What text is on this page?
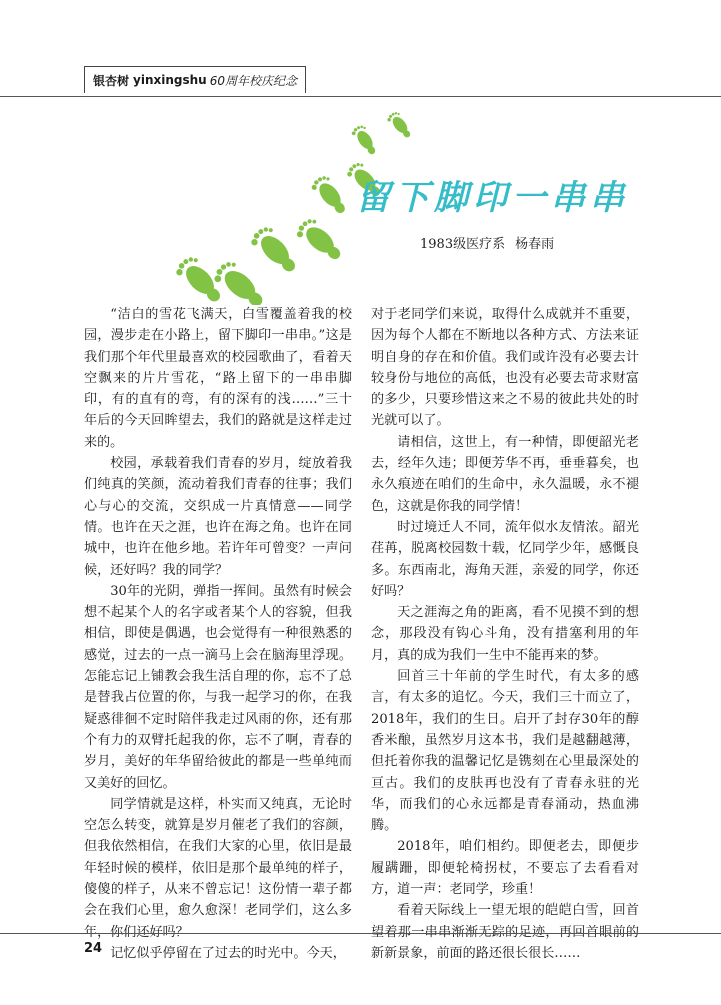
银杏树 yinxingshu 60周年校庆纪念
留下脚印一串串
1983级医疗系 杨春雨

“洁白的雪花飞满天，白雪覆盖着我的校园，漫步走在小路上，留下脚印一串串。”这是我们那个年代里最喜欢的校园歌曲了，看着天空飘来的片片雪花，“路上留下的一串串脚印，有的直有的弯，有的深有的浅……”三十年后的今天回眸望去，我们的路就是这样走过来的。

校园，承载着我们青春的岁月，绽放着我们纯真的笑颜，流动着我们青春的往事；我们心与心的交流，交织成一片真情意——同学情。也许在天之涯，也许在海之角。也许在同城中，也许在他乡地。若许年可曾变？一声问候，还好吗？我的同学？

30年的光阴，弹指一挥间。虽然有时候会想不起某个人的名字或者某个人的容貌，但我相信，即使是偶遇，也会觉得有一种很熟悉的感觉，过去的一点一滴马上会在脑海里浮现。怎能忘记上铺教会我生活自理的你，忘不了总是替我占位置的你，与我一起学习的你，在我疑惑徘徊不定时陪伴我走过风雨的你，还有那个有力的双臂托起我的你，忘不了啊，青春的岁月，美好的年华留给彼此的都是一些单纯而又美好的回忆。

同学情就是这样，朴实而又纯真，无论时空怎么转变，就算是岁月催老了我们的容颜，但我依然相信，在我们大家的心里，依旧是最年轻时候的模样，依旧是那个最单纯的样子，傻傻的样子，从来不曾忘记！这份情一辈子都会在我们心里，愈久愈深！老同学们，这么多

记忆似乎停留在了过去的时光中。今天，

对于老同学们来说，取得什么成就并不重要，因为每个人都在不断地以各种方式、方法来证明自身的存在和价值。我们或许没有必要去计较身份与地位的高低，也没有必要去苛求财富的多少，只要珍惜这来之不易的彼此共处的时光就可以了。

请相信，这世上，有一种情，即便韶光老去，经年久违；即便芳华不再，垂垂暮矣，也永久痕迹在咱们的生命中，永久温暖，永不褪色，这就是你我的同学情！

时过境迁人不同，流年似水友情浓。韶光荏苒，脱离校园数十载，忆同学少年，感慨良多。东西南北，海角天涯，亲爱的同学，你还好吗？

天之涯海之角的距离，看不见摸不到的想念，那段没有钩心斗角，没有措塞利用的年月，真的成为我们一生中不能再来的梦。

回首三十年前的学生时代，有太多的感言，有太多的追忆。今天，我们三十而立了，2018年，我们的生日。启开了封存30年的醇香米酿，虽然岁月这本书，我们是越翻越薄，但托着你我的温馨记忆是镌刻在心里最深处的亘古。我们的皮肤再也没有了青春永驻的光华，而我们的心永远都是青春涌动，热血沸腾。

2018年，咱们相约。即便老去，即便步履蹒跚，即便轮椅拐杖，不要忘了去看看对方，道一声：老同学，珍重！

看着天际线上一望无垠的皑皑白雪，回首 新新景象，前面的路还很长很长……

24
